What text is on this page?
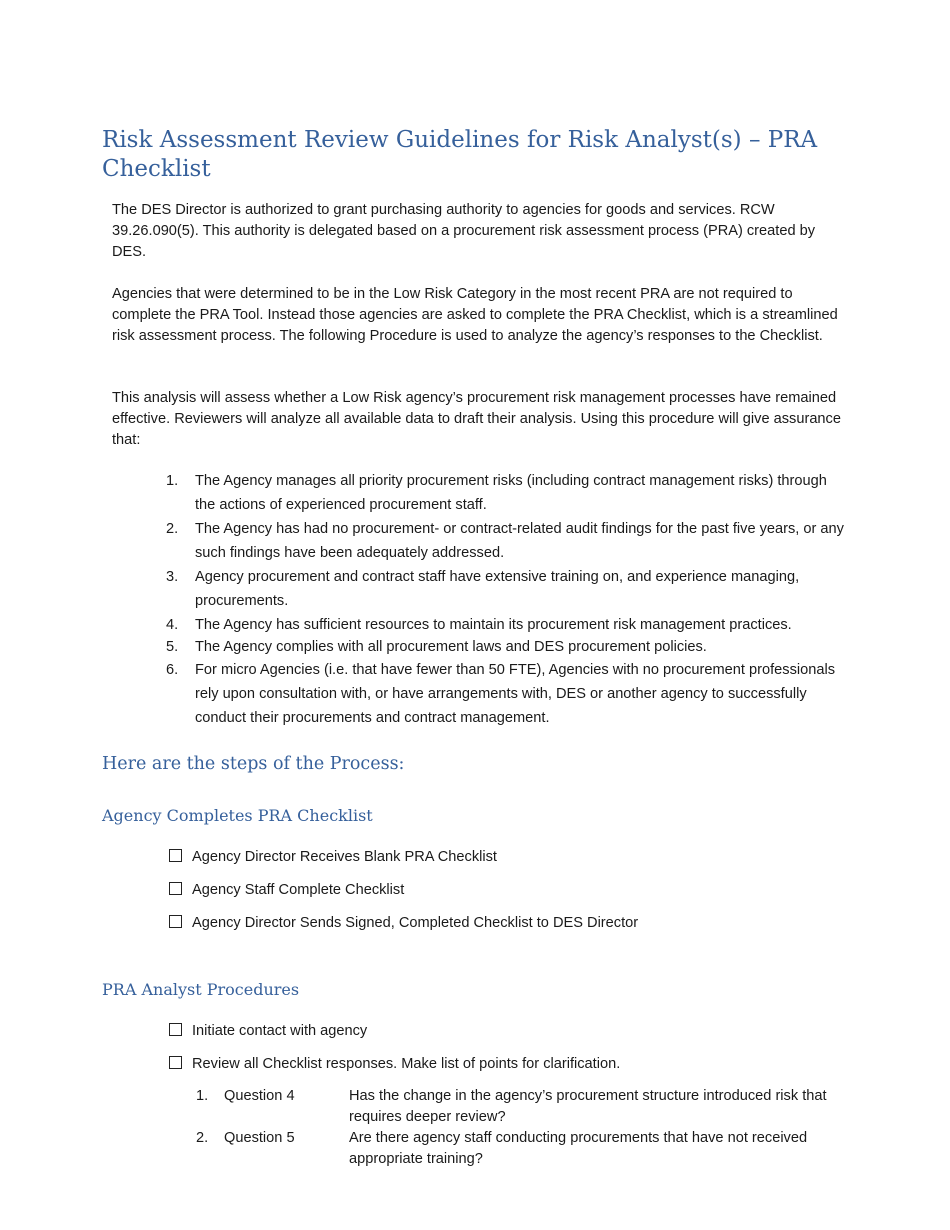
Risk Assessment Review Guidelines for Risk Analyst(s) – PRA Checklist

The DES Director is authorized to grant purchasing authority to agencies for goods and services. RCW 39.26.090(5). This authority is delegated based on a procurement risk assessment process (PRA) created by DES.

Agencies that were determined to be in the Low Risk Category in the most recent PRA are not required to complete the PRA Tool. Instead those agencies are asked to complete the PRA Checklist, which is a streamlined risk assessment process. The following Procedure is used to analyze the agency’s responses to the Checklist.

This analysis will assess whether a Low Risk agency’s procurement risk management processes have remained effective. Reviewers will analyze all available data to draft their analysis. Using this procedure will give assurance that:

1. The Agency manages all priority procurement risks (including contract management risks) through the actions of experienced procurement staff.
2. The Agency has had no procurement- or contract-related audit findings for the past five years, or any such findings have been adequately addressed.
3. Agency procurement and contract staff have extensive training on, and experience managing, procurements.
4. The Agency has sufficient resources to maintain its procurement risk management practices.
5. The Agency complies with all procurement laws and DES procurement policies.
6. For micro Agencies (i.e. that have fewer than 50 FTE), Agencies with no procurement professionals rely upon consultation with, or have arrangements with, DES or another agency to successfully conduct their procurements and contract management.
Here are the steps of the Process:
Agency Completes PRA Checklist
Agency Director Receives Blank PRA Checklist
Agency Staff Complete Checklist
Agency Director Sends Signed, Completed Checklist to DES Director
PRA Analyst Procedures
Initiate contact with agency
Review all Checklist responses. Make list of points for clarification.
1. Question 4	Has the change in the agency’s procurement structure introduced risk that requires deeper review?
2. Question 5	Are there agency staff conducting procurements that have not received appropriate training?
